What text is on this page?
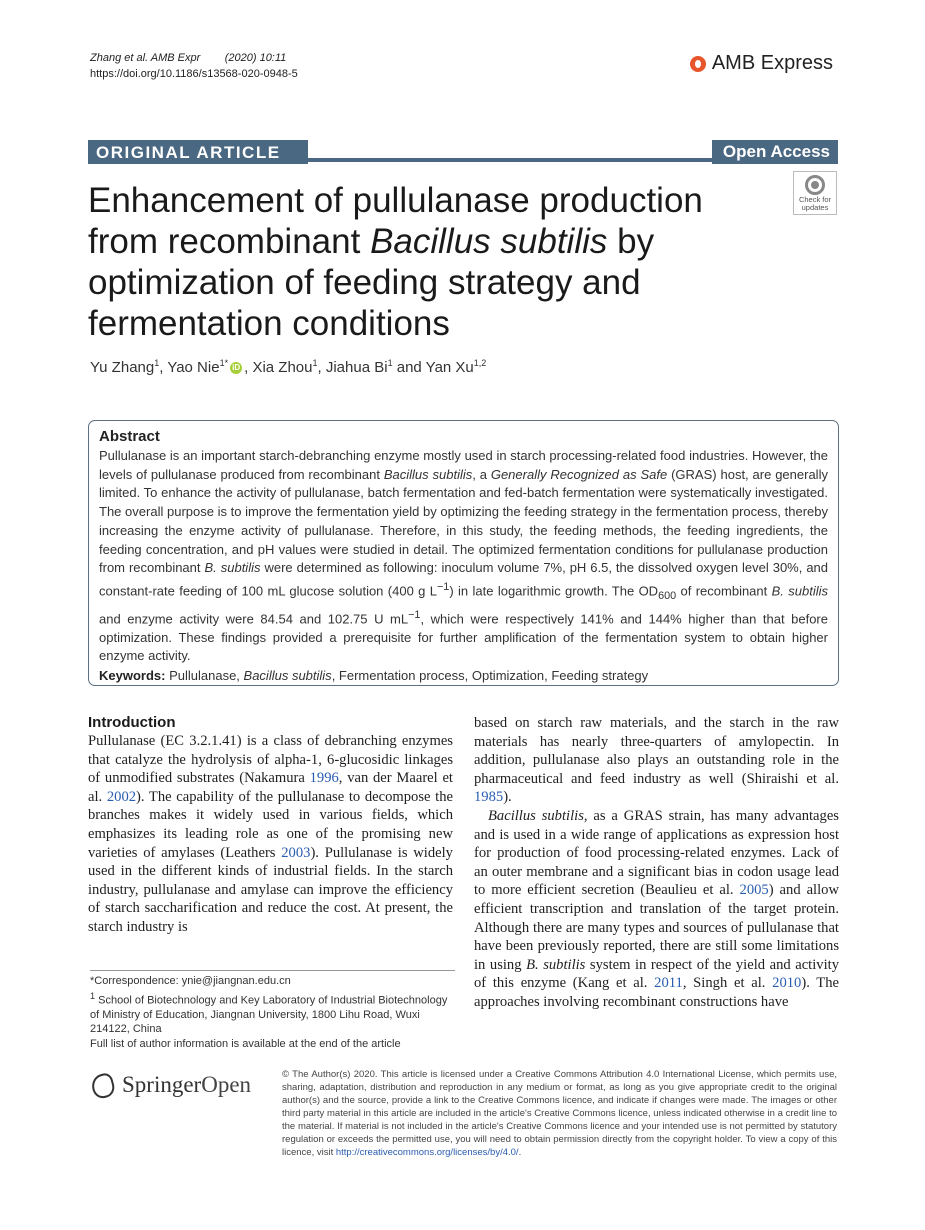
Zhang et al. AMB Expr (2020) 10:11
https://doi.org/10.1186/s13568-020-0948-5	AMB Express
ORIGINAL ARTICLE	Open Access
Enhancement of pullulanase production from recombinant Bacillus subtilis by optimization of feeding strategy and fermentation conditions
Check for updates
Yu Zhang$^1$, Yao Nie$^{1*}$ iD , Xia Zhou$^1$, Jiahua Bi$^1$ and Yan Xu$^{1,2}$
Abstract

Pullulanase is an important starch-debranching enzyme mostly used in starch processing-related food industries. However, the levels of pullulanase produced from recombinant Bacillus subtilis, a Generally Recognized as Safe (GRAS) host, are generally limited. To enhance the activity of pullulanase, batch fermentation and fed-batch fermentation were systematically investigated. The overall purpose is to improve the fermentation yield by optimizing the feeding strategy in the fermentation process, thereby increasing the enzyme activity of pullulanase. Therefore, in this study, the feeding methods, the feeding ingredients, the feeding concentration, and pH values were studied in detail. The optimized fermentation conditions for pullulanase production from recombinant B. subtilis were determined as following: inoculum volume 7%, pH 6.5, the dissolved oxygen level 30%, and constant-rate feeding of 100 mL glucose solution (400 g $L^{-1}$) in late logarithmic growth. The $OD_{600}$ of recombinant B. subtilis and enzyme activity were 84.54 and 102.75 U $mL^{-1}$, which were respectively 141% and 144% higher than that before optimization. These findings provided a prerequisite for further amplification of the fermentation system to obtain higher enzyme activity.

Keywords: Pullulanase, Bacillus subtilis, Fermentation process, Optimization, Feeding strategy
Introduction

Pullulanase (EC 3.2.1.41) is a class of debranching enzymes that catalyze the hydrolysis of alpha-1, 6-glucosidic linkages of unmodified substrates (Nakamura 1996, van der Maarel et al. 2002). The capability of the pullulanase to decompose the branches makes it widely used in various fields, which emphasizes its leading role as one of the promising new varieties of amylases (Leathers 2003). Pullulanase is widely used in the different kinds of industrial fields. In the starch industry, pullulanase and amylase can improve the efficiency of starch saccharification and reduce the cost. At present, the starch industry is

*Correspondence: ynie@jiangnan.edu.cn
$^1$ School of Biotechnology and Key Laboratory of Industrial Biotechnology of Ministry of Education, Jiangnan University, 1800 Lihu Road, Wuxi 214122, China
Full list of author information is available at the end of the article

based on starch raw materials, and the starch in the raw materials has nearly three-quarters of amylopectin. In addition, pullulanase also plays an outstanding role in the pharmaceutical and feed industry as well (Shiraishi et al. 1985).

Bacillus subtilis, as a GRAS strain, has many advantages and is used in a wide range of applications as expression host for production of food processing-related enzymes. Lack of an outer membrane and a significant bias in codon usage lead to more efficient secretion (Beaulieu et al. 2005) and allow efficient transcription and translation of the target protein. Although there are many types and sources of pullulanase that have been previously reported, there are still some limitations in using B. subtilis system in respect of the yield and activity of this enzyme (Kang et al. 2011, Singh et al. 2010). The approaches involving recombinant constructions have

SpringerOpen	© The Author(s) 2020. This article is licensed under a Creative Commons Attribution 4.0 International License, which permits use, sharing, adaptation, distribution and reproduction in any medium or format, as long as you give appropriate credit to the original author(s) and the source, provide a link to the Creative Commons licence, and indicate if changes were made. The images or other third party material in this article are included in the article's Creative Commons licence, unless indicated otherwise in a credit line to the material. If material is not included in the article's Creative Commons licence and your intended use is not permitted by statutory regulation or exceeds the permitted use, you will need to obtain permission directly from the copyright holder. To view a copy of this licence, visit http://creativecommons.org/licenses/by/4.0/.
